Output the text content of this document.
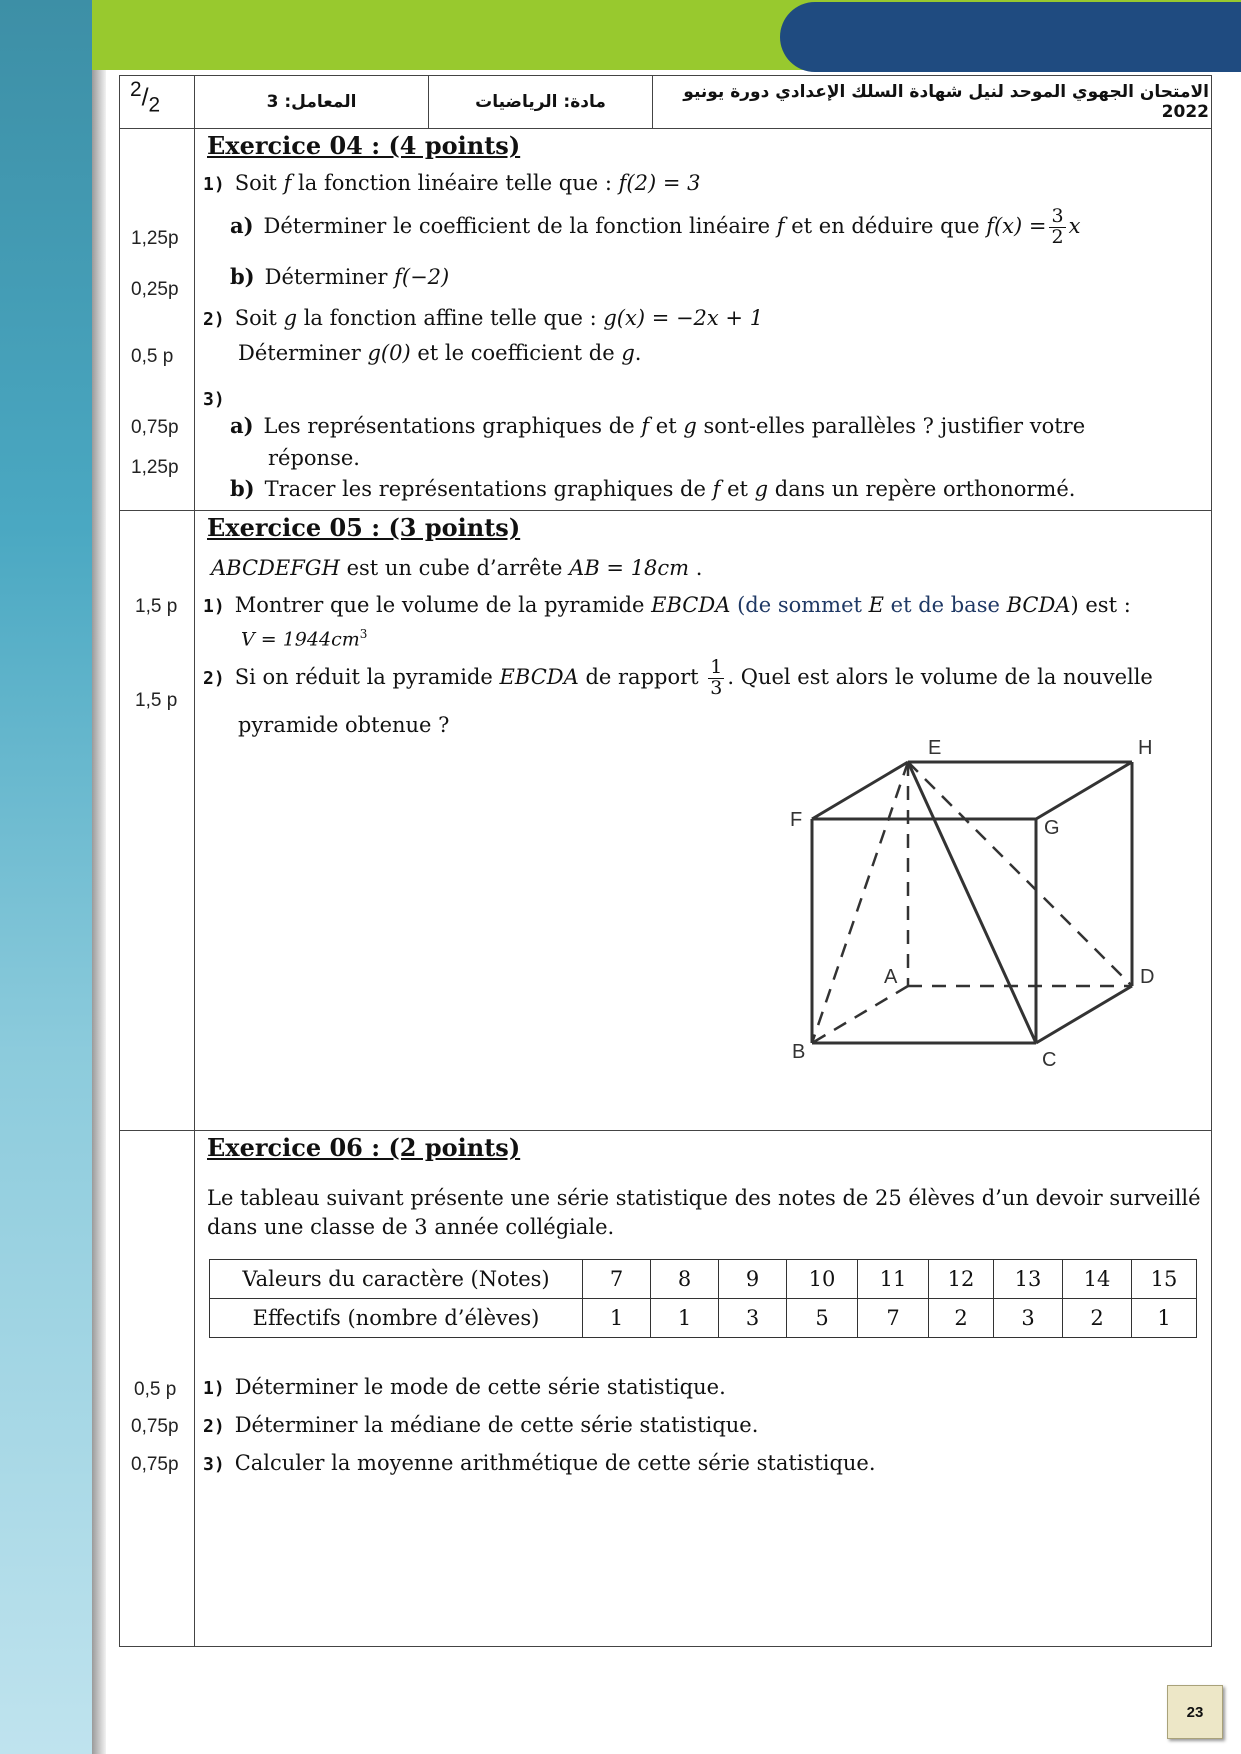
$^2/_2$	المعامل: 3	مادة: الرياضيات	الامتحان الجهوي الموحد لنيل شهادة السلك الإعدادي دورة يونيو 2022
Exercice 04 : (4 points)
1,25p
0,25p
0,5 p
0,75p
1,25p
1) Soit f la fonction linéaire telle que : f(2) = 3
a) Déterminer le coefficient de la fonction linéaire f et en déduire que $f(x) = \frac{3}{2}$ x
b) Déterminer f(−2)
2) Soit g la fonction affine telle que : g(x) = −2x + 1
Déterminer g(0) et le coefficient de g.
3)
a) Les représentations graphiques de f et g sont-elles parallèles ? justifier votre
réponse.
b) Tracer les représentations graphiques de f et g dans un repère orthonormé.
Exercice 05 : (3 points)
ABCDEFGH est un cube d’arrête AB = 18cm .
1,5 p
1,5 p
1) Montrer que le volume de la pyramide EBCDA (de sommet E et de base BCDA) est :
$V = 1944cm^3$
2) Si on réduit la pyramide EBCDA de rapport $\frac{1}{3}$ . Quel est alors le volume de la nouvelle
pyramide obtenue ?
E	H
F	G
A	D
B	C
Exercice 06 : (2 points)
Le tableau suivant présente une série statistique des notes de 25 élèves d’un devoir surveillé
dans une classe de 3 année collégiale.
Valeurs du caractère (Notes)	7	8	9	10	11	12	13	14	15
Effectifs (nombre d’élèves)	1	1	3	5	7	2	3	2	1
0,5 p
0,75p
0,75p
1) Déterminer le mode de cette série statistique.
2) Déterminer la médiane de cette série statistique.
3) Calculer la moyenne arithmétique de cette série statistique.
23
